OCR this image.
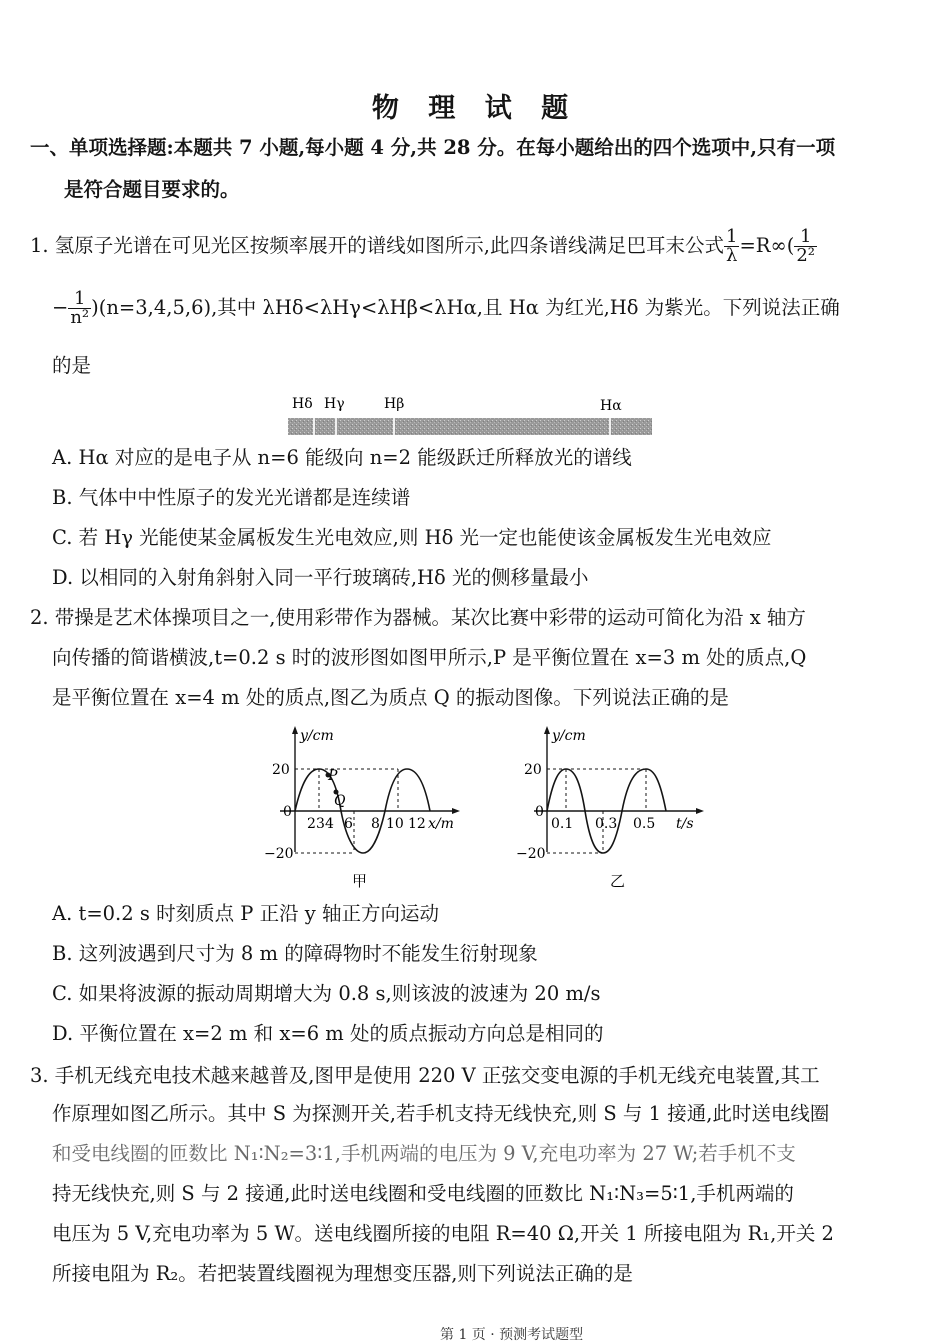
物 理 试 题
一、单项选择题:本题共 7 小题,每小题 4 分,共 28 分。在每小题给出的四个选项中,只有一项
是符合题目要求的。
1. 氢原子光谱在可见光区按频率展开的谱线如图所示,此四条谱线满足巴耳末公式 $\frac{1}{\lambda} =R\infty( \frac{1}{\text{2²}}$
− $\frac{1}{\text{n²}} )(n=3,4,5,6)$,其中 λHδ<λHγ<λHβ<λHα,且 Hα 为红光,Hδ 为紫光。下列说法正确
的是
Hδ Hγ	Hβ	Hα
A. Hα 对应的是电子从 n=6 能级向 n=2 能级跃迁所释放光的谱线
B. 气体中中性原子的发光光谱都是连续谱
C. 若 Hγ 光能使某金属板发生光电效应,则 Hδ 光一定也能使该金属板发生光电效应
D. 以相同的入射角斜射入同一平行玻璃砖,Hδ 光的侧移量最小
2. 带操是艺术体操项目之一,使用彩带作为器械。某次比赛中彩带的运动可简化为沿 x 轴方
向传播的简谐横波,t=0.2 s 时的波形图如图甲所示,P 是平衡位置在 x=3 m 处的质点,Q
是平衡位置在 x=4 m 处的质点,图乙为质点 Q 的振动图像。下列说法正确的是
y/cm
x/m
P
Q
20
0
−20
2 3 4 6 8 10 12
甲
y/cm
t/s
20
0
−20
0.1 0.3 0.5
乙
A. t=0.2 s 时刻质点 P 正沿 y 轴正方向运动
B. 这列波遇到尺寸为 8 m 的障碍物时不能发生衍射现象
C. 如果将波源的振动周期增大为 0.8 s,则该波的波速为 20 m/s
D. 平衡位置在 x=2 m 和 x=6 m 处的质点振动方向总是相同的
3. 手机无线充电技术越来越普及,图甲是使用 220 V 正弦交变电源的手机无线充电装置,其工
作原理如图乙所示。其中 S 为探测开关,若手机支持无线快充,则 S 与 1 接通,此时送电线圈
和受电线圈的匝数比 N₁∶N₂=3∶1,手机两端的电压为 9 V,充电功率为 27 W;若手机不支
持无线快充,则 S 与 2 接通,此时送电线圈和受电线圈的匝数比 N₁∶N₃=5∶1,手机两端的
电压为 5 V,充电功率为 5 W。送电线圈所接的电阻 R=40 Ω,开关 1 所接电阻为 R₁,开关 2
所接电阻为 R₂。若把装置线圈视为理想变压器,则下列说法正确的是
第 1 页 · 预测考试题型
